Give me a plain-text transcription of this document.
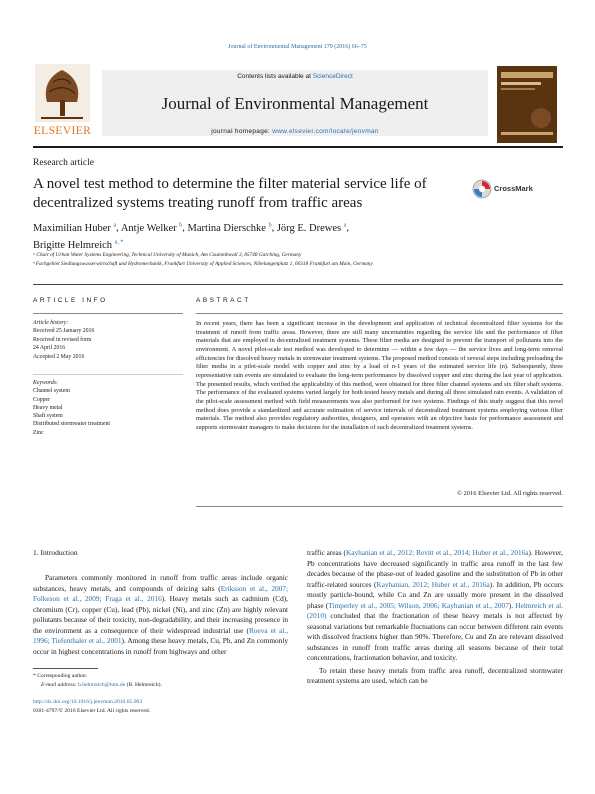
Journal of Environmental Management 179 (2016) 66–75
ELSEVIER
Contents lists available at ScienceDirect
Journal of Environmental Management
journal homepage: www.elsevier.com/locate/jenvman
Research article
A novel test method to determine the filter material service life of decentralized systems treating runoff from traffic areas
CrossMark
Maximilian Huber $^a$, Antje Welker $^b$, Martina Dierschke $^b$, Jörg E. Drewes $^a$,
Brigitte Helmreich $^{a, *}$
ᵃ Chair of Urban Water Systems Engineering, Technical University of Munich, Am Coulombwall 3, 85748 Garching, Germany
ᵇ Fachgebiet Siedlungswasserwirtschaft und Hydromechanik, Frankfurt University of Applied Sciences, Nibelungenplatz 1, 60318 Frankfurt am Main, Germany
ARTICLE INFO	ABSTRACT
Article history:
Received 25 January 2016
Received in revised form
24 April 2016
Accepted 2 May 2016
Keywords:
Channel system
Copper
Heavy metal
Shaft system
Distributed stormwater treatment
Zinc
In recent years, there has been a significant increase in the development and application of technical decentralized filter systems for the treatment of runoff from traffic areas. However, there are still many uncertainties regarding the service life and the performance of filter materials that are employed in decentralized treatment systems. These filter media are designed to prevent the transport of pollutants into the environment. A novel pilot-scale test method was developed to determine — within a few days — the service lives and long-term removal efficiencies for dissolved heavy metals in stormwater treatment systems. The proposed method consists of several steps including preloading the filter media in a pilot-scale model with copper and zinc by a load of n-1 years of the estimated service life (n). Subsequently, three representative rain events are simulated to evaluate the long-term performance by dissolved copper and zinc during the last year of application. The presented results, which verified the applicability of this method, were obtained for three filter channel systems and six filter shaft systems. The performance of the evaluated systems varied largely for both tested heavy metals and during all three simulated rain events. A validation of the pilot-scale assessment method with field measurements was also performed for two systems. Findings of this study suggest that this novel method does provide a standardized and accurate estimation of service intervals of decentralized treatment systems employing various filter materials. The method also provides regulatory authorities, designers, and operators with an objective basis for performance assessment and supports stormwater managers to make decisions for the installation of such decentralized treatment systems.
© 2016 Elsevier Ltd. All rights reserved.
1. Introduction
Parameters commonly monitored in runoff from traffic areas include organic substances, heavy metals, and compounds of deicing salts (Eriksson et al., 2007; Folkeson et al., 2009; Fraga et al., 2016). Heavy metals such as cadmium (Cd), chromium (Cr), copper (Cu), lead (Pb), nickel (Ni), and zinc (Zn) are highly relevant pollutants because of their toxicity, non-degradability, and their increasing presence in the environment as a consequence of their widespread industrial use (Roeva et al., 1996; Tiefenthaler et al., 2001). Among these heavy metals, Cu, Pb, and Zn commonly occur in highest concentrations in runoff from highways and other
traffic areas (Kayhanian et al., 2012; Revitt et al., 2014; Huber et al., 2016a). However, Pb concentrations have decreased significantly in traffic area runoff in the last few decades because of the phase-out of leaded gasoline and the substitution of Pb in other traffic-related sources (Kayhanian, 2012; Huber et al., 2016a). In addition, Pb occurs mostly particle-bound, while Cu and Zn are usually more present in the dissolved phase (Timperley et al., 2005; Wilson, 2006; Kayhanian et al., 2007). Helmreich et al. (2010) concluded that the fractionation of these heavy metals is not affected by seasonal variations but remarkable fluctuations can occur between different rain events with dissolved fractions higher than 90%. Therefore, Cu and Zn are relevant dissolved substances in runoff from traffic areas during all seasons because of their total concentrations, fractionation behavior, and toxicity.
To retain these heavy metals from traffic area runoff, decentralized stormwater treatment systems are used, which can be
* Corresponding author.
E-mail address: b.helmreich@tum.de (B. Helmreich).
http://dx.doi.org/10.1016/j.jenvman.2016.05.003
0301-4797/© 2016 Elsevier Ltd. All rights reserved.
